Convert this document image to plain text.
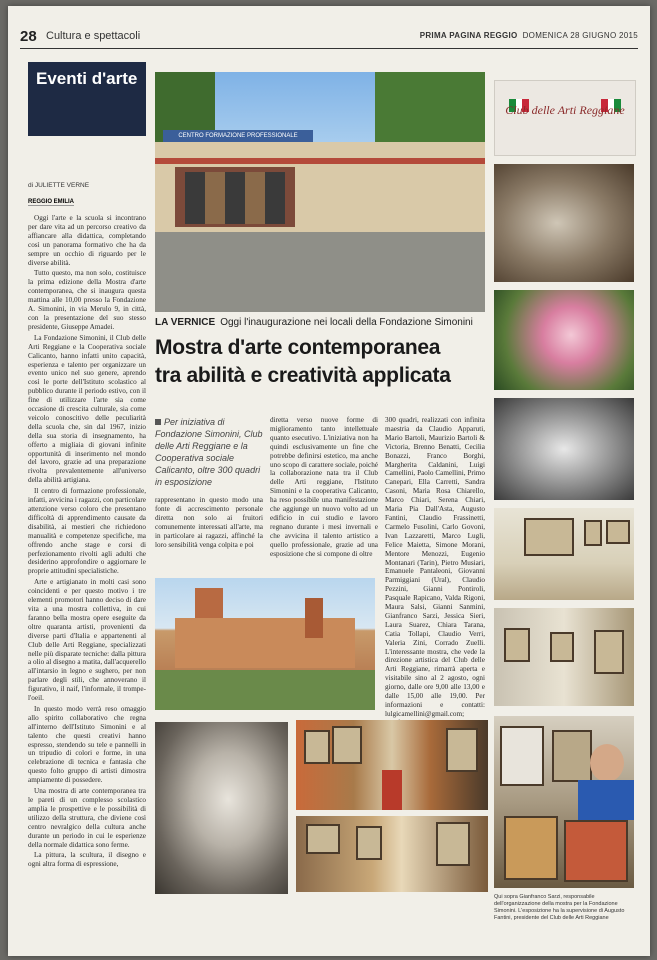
28 Cultura e spettacoli	PRIMA PAGINA REGGIO DOMENICA 28 GIUGNO 2015
Eventi d'arte
di JULIETTE VERNE
REGGIO EMILIA

Oggi l'arte e la scuola si incontrano per dare vita ad un percorso creativo da affiancare alla didattica, completando così un panorama formativo che ha da sempre un occhio di riguardo per le diverse abilità.

Tutto questo, ma non solo, costituisce la prima edizione della Mostra d'arte contemporanea, che si inaugura questa mattina alle 10,00 presso la Fondazione A. Simonini, in via Merulo 9, in città, con la presentazione del suo stesso presidente, Giuseppe Amadei.

La Fondazione Simonini, il Club delle Arti Reggiane e la Cooperativa sociale Calicanto, hanno infatti unito capacità, esperienza e talento per organizzare un evento unico nel suo genere, aprendo così le porte dell'Istituto scolastico al pubblico durante il periodo estivo, con il fine di utilizzare l'arte sia come occasione di crescita culturale, sia come veicolo conoscitivo delle peculiarità della scuola che, sin dal 1967, inizio della sua storia di insegnamento, ha offerto a migliaia di giovani infinite opportunità di inserimento nel mondo del lavoro, grazie ad una preparazione rivolta prevalentemente all'universo della abilità artigiana.

Il centro di formazione professionale, infatti, avvicina i ragazzi, con particolare attenzione verso coloro che presentano difficoltà di apprendimento causate da disabilità, ai mestieri che richiedono manualità e competenze specifiche, ma offrendo anche stage e corsi di perfezionamento rivolti agli adulti che desiderino approfondire o aggiornare le proprie attitudini specialistiche.

Arte e artigianato in molti casi sono coincidenti e per questo motivo i tre elementi promotori hanno deciso di dare vita a una mostra collettiva, in cui faranno bella mostra opere eseguite da oltre quaranta artisti, provenienti da diverse parti d'Italia e appartenenti al Club delle Arti Reggiane, specializzati nelle più disparate tecniche: dalla pittura a olio al disegno a matita, dall'acquerello all'intarsio in legno e sughero, per non parlare degli stili, che annoverano il figurativo, il naif, l'informale, il trompe-l'oeil.

In questo modo verrà reso omaggio allo spirito collaborativo che regna all'interno dell'Istituto Simonini e al talento che questi creativi hanno espresso, stendendo su tele e pannelli in un tripudio di colori e forme, in una celebrazione di tecnica e fantasia che questo folto gruppo di artisti dimostra ampiamente di possedere.

Una mostra di arte contemporanea tra le pareti di un complesso scolastico amplia le prospettive e le possibilità di utilizzo della struttura, che diviene così centro nevralgico della cultura anche durante un periodo in cui le esperienze della normale didattica sono ferme.

La pittura, la scultura, il disegno e ogni altra forma di espressione,

CENTRO FORMAZIONE PROFESSIONALE
LA VERNICE Oggi l'inaugurazione nei locali della Fondazione Simonini
Mostra d'arte contemporanea
tra abilità e creatività applicata
Per iniziativa di Fondazione Simonini, Club delle Arti Reggiane e la Cooperativa sociale Calicanto, oltre 300 quadri in esposizione

rappresentano in questo modo una fonte di accrescimento personale diretta non solo ai fruitori comunemente interessati all'arte, ma in particolare ai ragazzi, affinché la loro sensibilità venga colpita e poi

diretta verso nuove forme di miglioramento tanto intellettuale quanto esecutivo. L'iniziativa non ha quindi esclusivamente un fine che potrebbe definirsi estetico, ma anche uno scopo di carattere sociale, poiché la collaborazione nata tra il Club delle Arti reggiane, l'Istituto Simonini e la cooperativa Calicanto, ha reso possibile una manifestazione che aggiunge un nuovo volto ad un edificio in cui studio e lavoro regnano durante i mesi invernali e che avvicina il talento artistico a quello professionale, grazie ad una esposizione che si compone di oltre

300 quadri, realizzati con infinita maestria da Claudio Apparuti, Mario Bartoli, Maurizio Bartoli & Victoria, Brenno Benatti, Cecilia Bonazzi, Franco Borghi, Margherita Caldanini, Luigi Camellini, Paolo Camellini, Primo Canepari, Ella Carretti, Sandra Casoni, Maria Rosa Chiarello, Marco Chiari, Serena Chiari, Maria Pia Dall'Asta, Augusto Fantini, Claudio Frassinetti, Carmelo Fusolini, Carlo Govoni, Ivan Lazzaretti, Marco Lugli, Felice Maietta, Simone Morani, Mentore Menozzi, Eugenio Montanari (Tarin), Pietro Musiari, Emanuele Pantaleoni, Giovanni Parmiggiani (Ural), Claudio Pezzini, Gianni Pontiroli, Pasquale Rapicano, Valda Rigoni, Maura Salsi, Gianni Sanmini, Gianfranco Sarzi, Jessica Sieri, Laura Suarez, Chiara Tarana, Catia Tollapi, Claudio Verri, Valeria Zini, Corrado Zuelli. L'interessante mostra, che vede la direzione artistica del Club delle Arti Reggiane, rimarrà aperta e visitabile sino al 2 agosto, ogni giorno, dalle ore 9,00 alle 13,00 e dalle 15,00 alle 19,00. Per informazioni e contatti: lulgicamellini@gmail.com;

Club delle Arti Reggiane
Qui sopra Gianfranco Sarzi, responsabile dell'organizzazione della mostra per la Fondazione Simonini. L'esposizione ha la supervisione di Augusto Fantini, presidente del Club delle Arti Reggiane
